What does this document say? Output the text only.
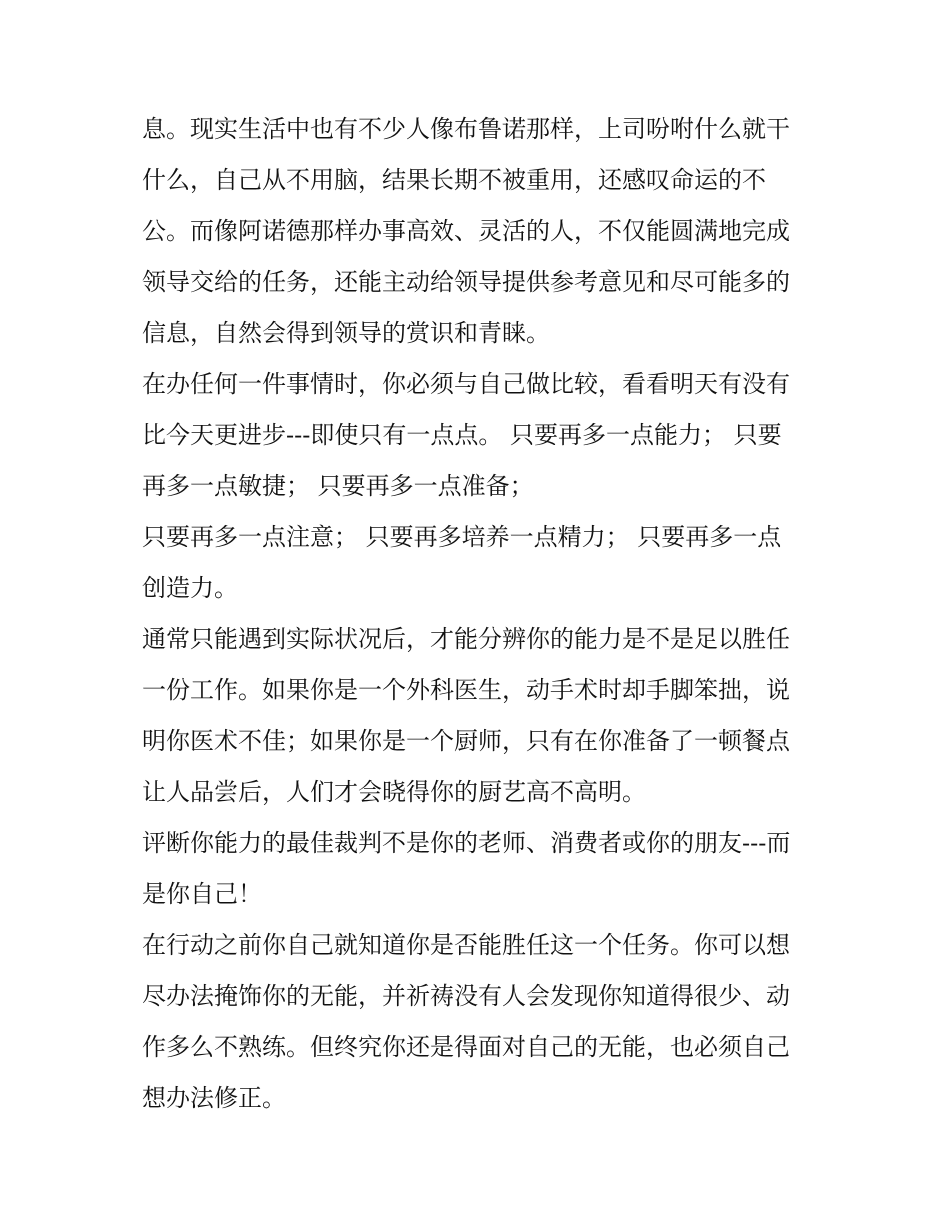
息。现实生活中也有不少人像布鲁诺那样，上司吩咐什么就干
什么，自己从不用脑，结果长期不被重用，还感叹命运的不
公。而像阿诺德那样办事高效、灵活的人，不仅能圆满地完成
领导交给的任务，还能主动给领导提供参考意见和尽可能多的
信息，自然会得到领导的赏识和青睐。
在办任何一件事情时，你必须与自己做比较，看看明天有没有
比今天更进步---即使只有一点点。 只要再多一点能力； 只要
再多一点敏捷； 只要再多一点准备；
只要再多一点注意； 只要再多培养一点精力； 只要再多一点
创造力。
通常只能遇到实际状况后，才能分辨你的能力是不是足以胜任
一份工作。如果你是一个外科医生，动手术时却手脚笨拙，说
明你医术不佳；如果你是一个厨师，只有在你准备了一顿餐点
让人品尝后，人们才会晓得你的厨艺高不高明。
评断你能力的最佳裁判不是你的老师、消费者或你的朋友---而
是你自己！
在行动之前你自己就知道你是否能胜任这一个任务。你可以想
尽办法掩饰你的无能，并祈祷没有人会发现你知道得很少、动
作多么不熟练。但终究你还是得面对自己的无能，也必须自己
想办法修正。
